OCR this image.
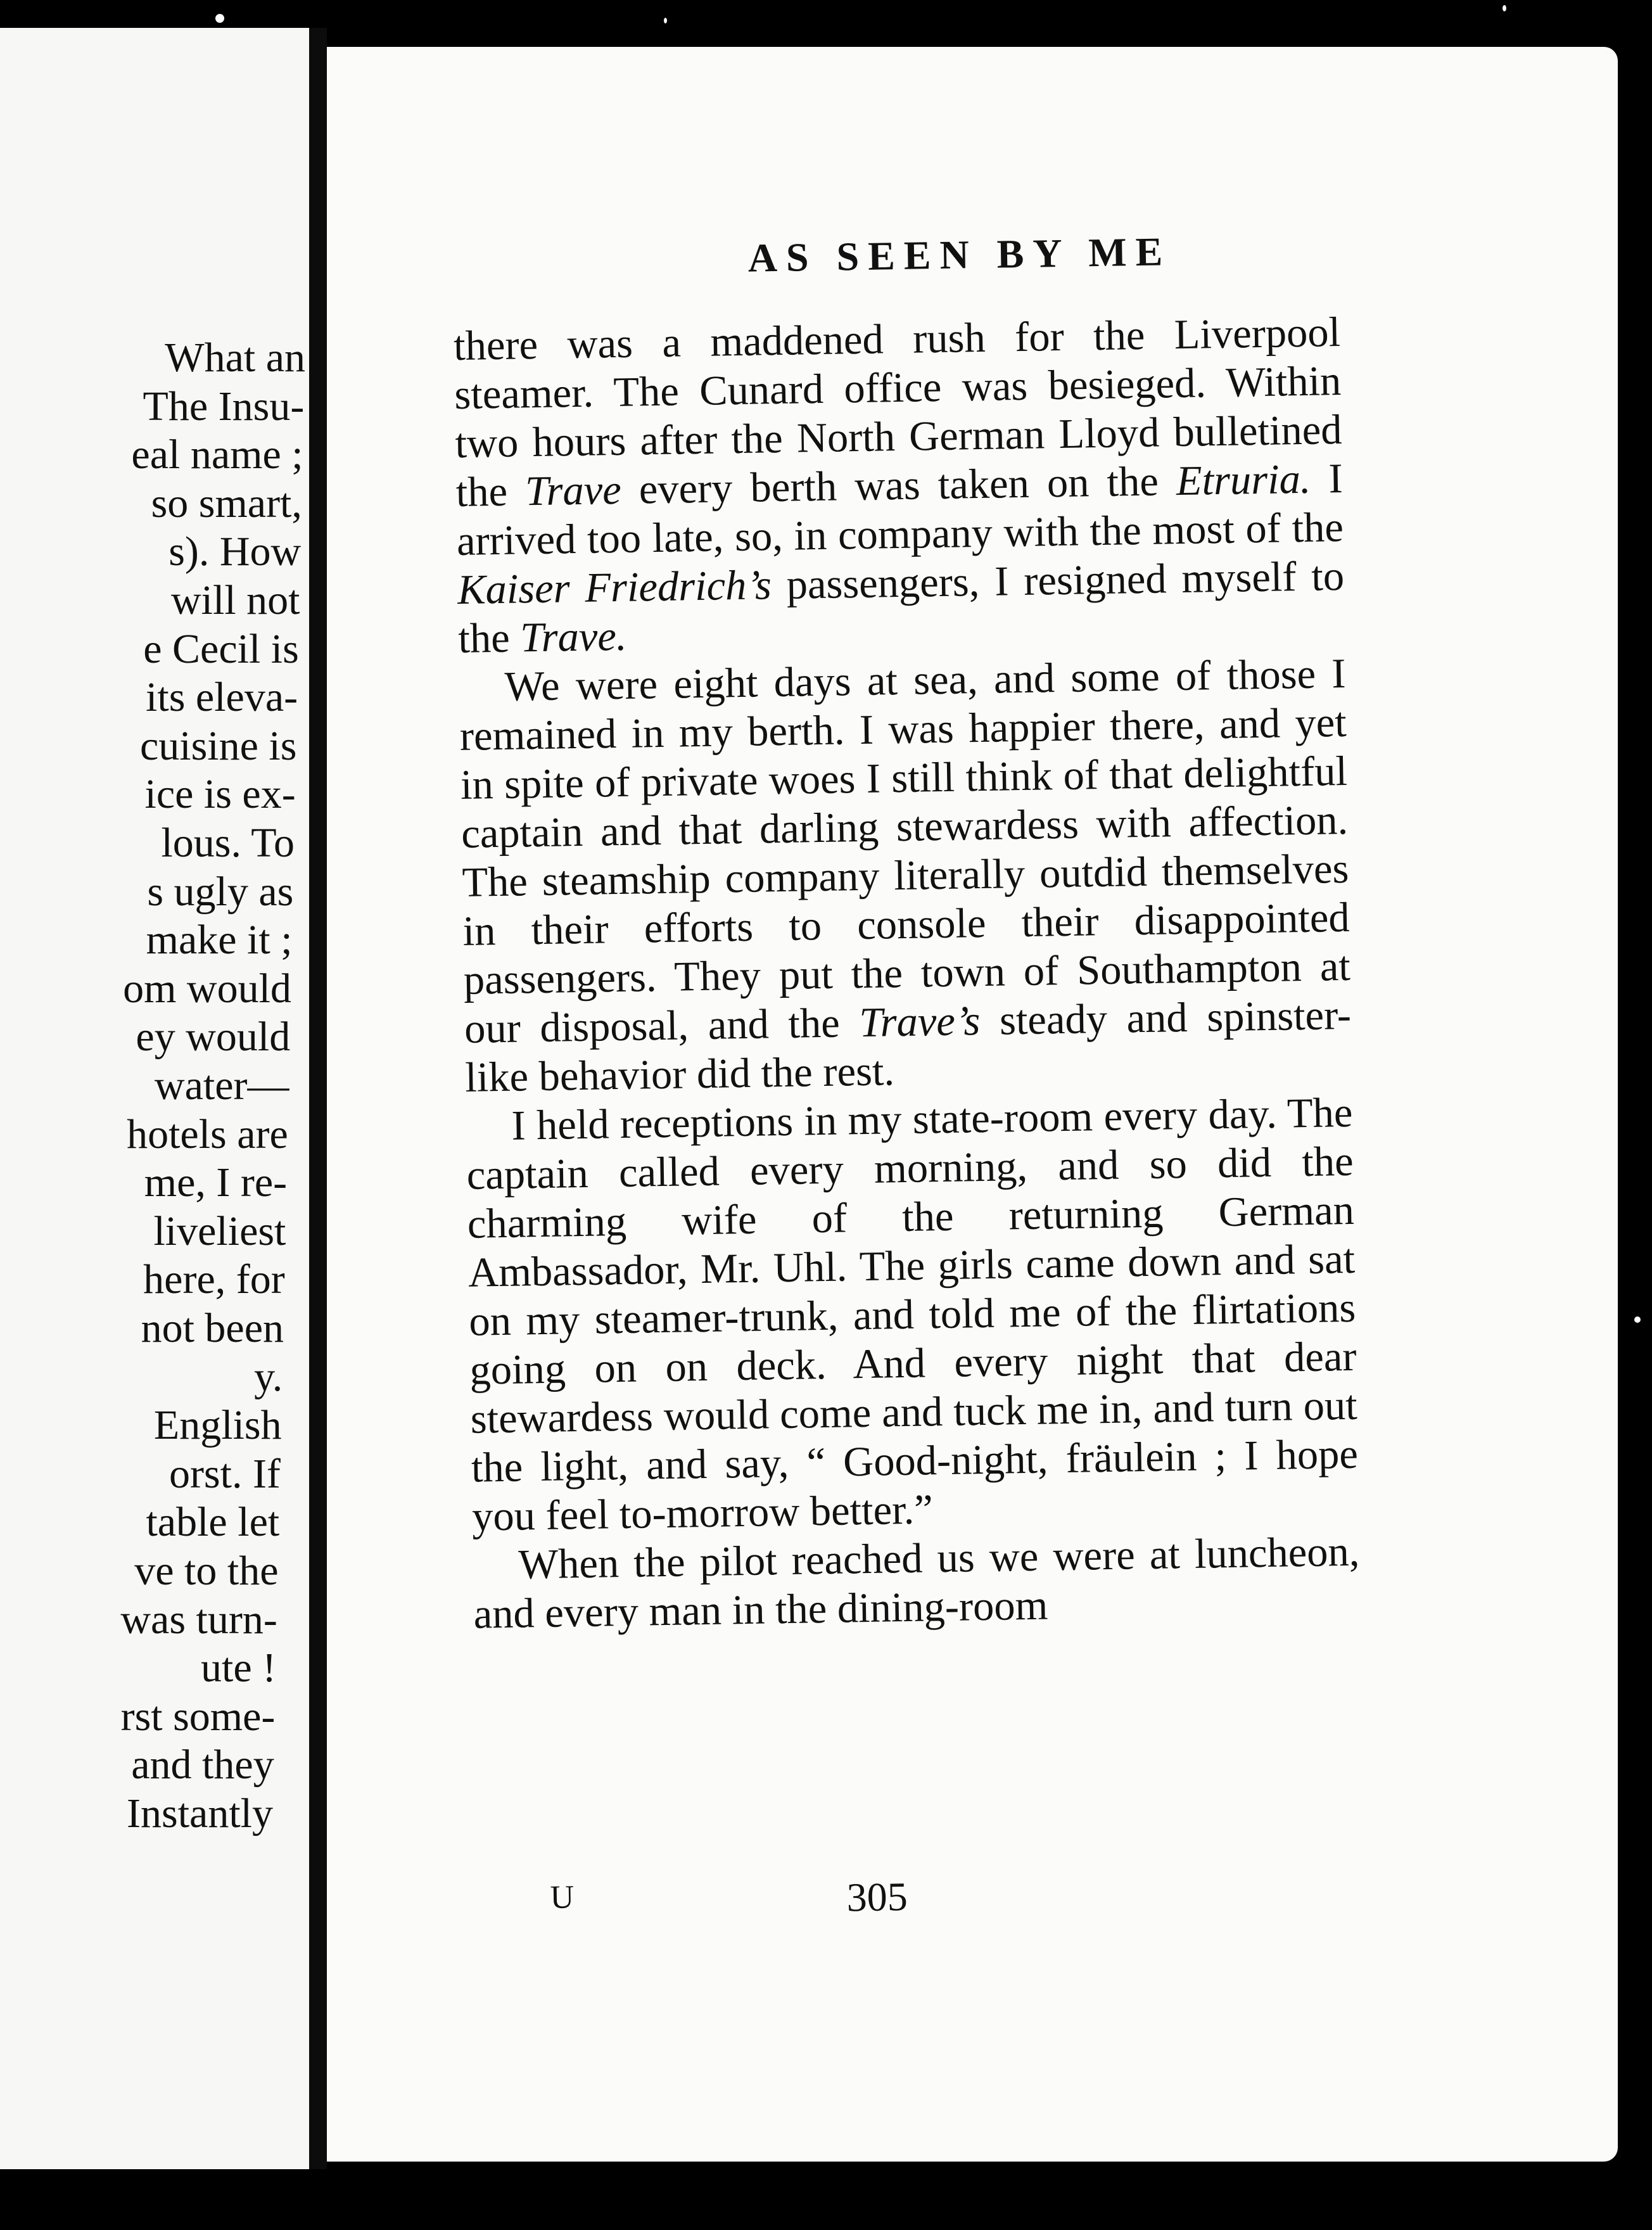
What an
The Insu-
eal name ;
so smart,
s). How
will not
e Cecil is
its eleva-
cuisine is
ice is ex-
lous. To
s ugly as
make it ;
om would
ey would
water—
hotels are
me, I re-
liveliest
here, for
not been
y.
English
orst. If
table let
ve to the
was turn-
ute !
rst some-
and they
Instantly
AS SEEN BY ME

there was a maddened rush for the Liverpool steamer. The Cunard office was besieged. Within two hours after the North German Lloyd bulletined the Trave every berth was taken on the Etruria. I arrived too late, so, in company with the most of the Kaiser Friedrich’s passengers, I resigned myself to the Trave.

We were eight days at sea, and some of those I remained in my berth. I was happier there, and yet in spite of private woes I still think of that delightful captain and that darling stewardess with affection. The steamship company literally outdid themselves in their efforts to console their disappointed passengers. They put the town of Southampton at our disposal, and the Trave’s steady and spinster-like behavior did the rest.

I held receptions in my state-room every day. The captain called every morning, and so did the charming wife of the returning German Ambassador, Mr. Uhl. The girls came down and sat on my steamer-trunk, and told me of the flirtations going on on deck. And every night that dear stewardess would come and tuck me in, and turn out the light, and say, “ Good-night, fräulein ; I hope you feel to-morrow better.”

When the pilot reached us we were at luncheon, and every man in the dining-room

U	305
